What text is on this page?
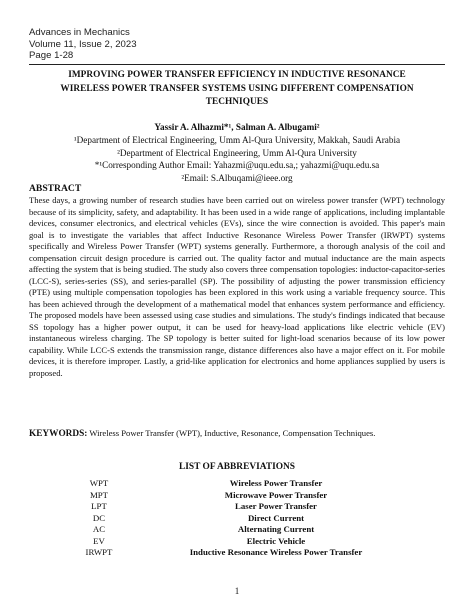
Advances in Mechanics
Volume 11, Issue 2, 2023
Page 1-28
IMPROVING POWER TRANSFER EFFICIENCY IN INDUCTIVE RESONANCE
WIRELESS POWER TRANSFER SYSTEMS USING DIFFERENT COMPENSATION
TECHNIQUES
Yassir A. Alhazmi*¹, Salman A. Albugami²
¹Department of Electrical Engineering, Umm Al-Qura University, Makkah, Saudi Arabia
²Department of Electrical Engineering, Umm Al-Qura University
*¹Corresponding Author Email: Yahazmi@uqu.edu.sa,; yahazmi@uqu.edu.sa
²Email: S.Albuqami@ieee.org
ABSTRACT
These days, a growing number of research studies have been carried out on wireless power transfer (WPT) technology because of its simplicity, safety, and adaptability. It has been used in a wide range of applications, including implantable devices, consumer electronics, and electrical vehicles (EVs), since the wire connection is avoided. This paper's main goal is to investigate the variables that affect Inductive Resonance Wireless Power Transfer (IRWPT) systems specifically and Wireless Power Transfer (WPT) systems generally. Furthermore, a thorough analysis of the coil and compensation circuit design procedure is carried out. The quality factor and mutual inductance are the main aspects affecting the system that is being studied. The study also covers three compensation topologies: inductor-capacitor-series (LCC-S), series-series (SS), and series-parallel (SP). The possibility of adjusting the power transmission efficiency (PTE) using multiple compensation topologies has been explored in this work using a variable frequency source. This has been achieved through the development of a mathematical model that enhances system performance and efficiency. The proposed models have been assessed using case studies and simulations. The study's findings indicated that because SS topology has a higher power output, it can be used for heavy-load applications like electric vehicle (EV) instantaneous wireless charging. The SP topology is better suited for light-load scenarios because of its low power capability. While LCC-S extends the transmission range, distance differences also have a major effect on it. For mobile devices, it is therefore improper. Lastly, a grid-like application for electronics and home appliances supplied by users is proposed.
KEYWORDS: Wireless Power Transfer (WPT), Inductive, Resonance, Compensation Techniques.
LIST OF ABBREVIATIONS
WPT	Wireless Power Transfer
MPT	Microwave Power Transfer
LPT	Laser Power Transfer
DC	Direct Current
AC	Alternating Current
EV	Electric Vehicle
IRWPT	Inductive Resonance Wireless Power Transfer
1
